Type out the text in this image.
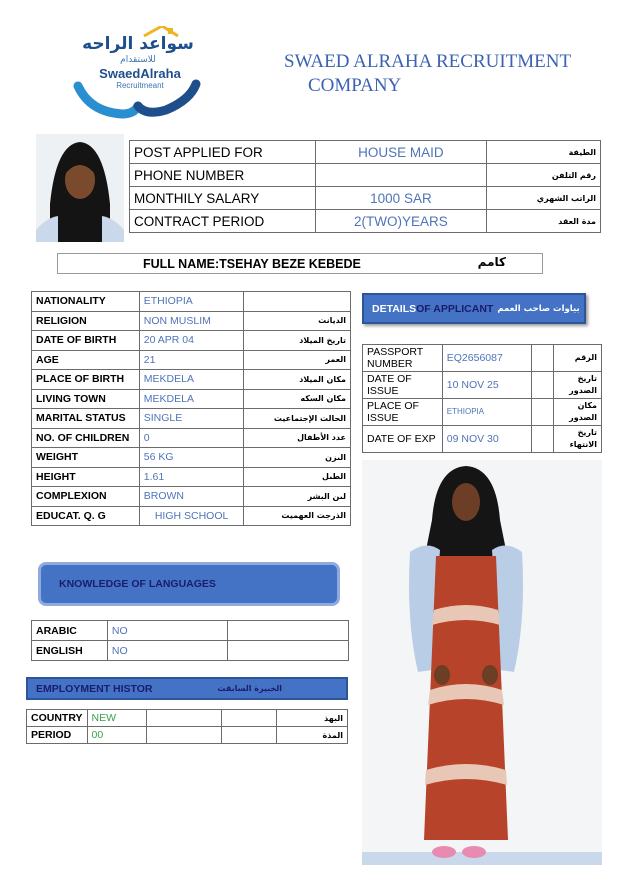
سواعد الراحه
للاستقدام
SwaedAlraha
Recruitmeant
SWAED ALRAHA RECRUITMENT
COMPANY
POST APPLIED FOR	HOUSE MAID	الطيفة
PHONE NUMBER		رقم التلفن
MONTHILY SALARY	1000 SAR	الراتب الشهري
CONTRACT PERIOD	2(TWO)YEARS	مدة العقد
FULL NAME:TSEHAY BEZE KEBEDE	كامم
NATIONALITY	ETHIOPIA	
RELIGION	NON MUSLIM	الديانت
DATE OF BIRTH	20 APR 04	تاريخ الميلاد
AGE	21	العمر
PLACE OF BIRTH	MEKDELA	مكان الميلاد
LIVING TOWN	MEKDELA	مكان السكه
MARITAL STATUS	SINGLE	الحالت الإجتماعيت
NO. OF CHILDREN	0	عدد الأطفال
WEIGHT	56 KG	الىزن
HEIGHT	1.61	الطىل
COMPLEXION	BROWN	لىن البشر
EDUCAT. Q. G	HIGH SCHOOL	الذرجت العهميت
DETAILS OF APPLICANT بياوات صاحب العمم
PASSPORT NUMBER	EQ2656087		الرقم
DATE OF ISSUE	10 NOV 25		تاريخ الصدور
PLACE OF ISSUE	ETHIOPIA		مكان الصدور
DATE OF EXP	09 NOV 30		تاريخ الانتهاء
KNOWLEDGE OF LANGUAGES
ARABIC	NO	
ENGLISH	NO	
EMPLOYMENT HISTOR	الخبيرة السابقت
COUNTRY	NEW			البهذ
PERIOD	00			المذة
